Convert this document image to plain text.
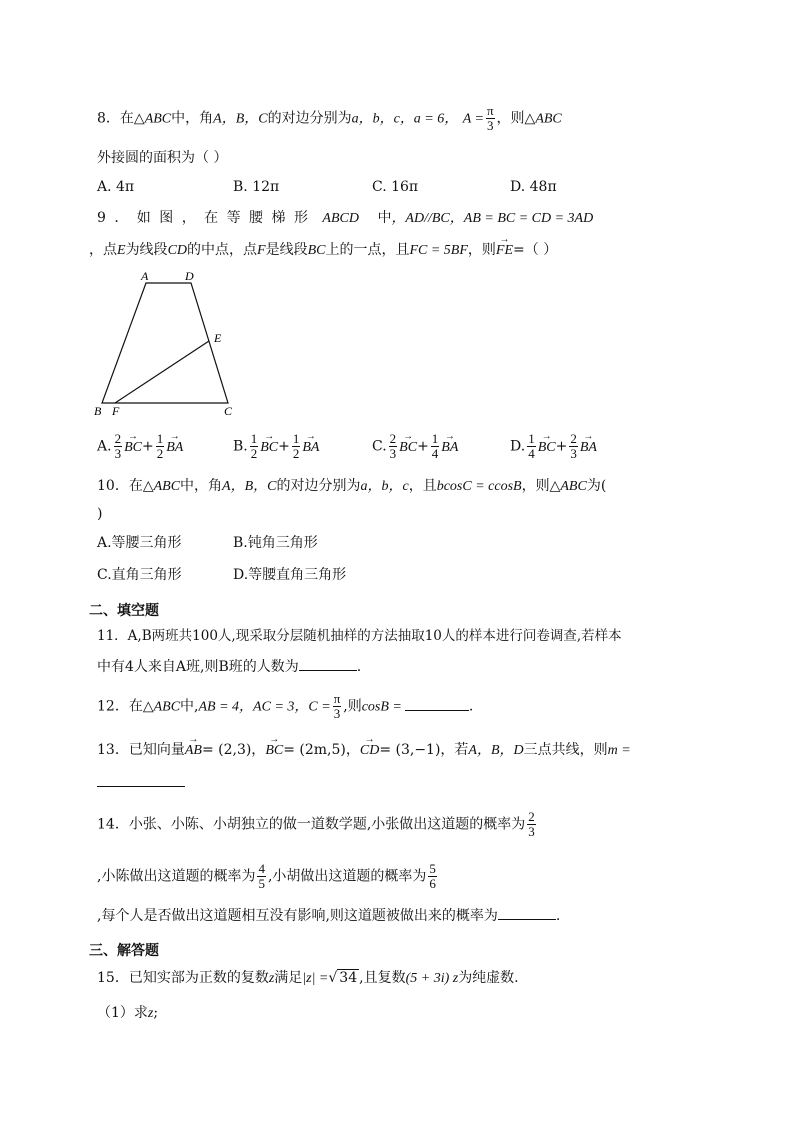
8．在△ABC中，角A，B，C的对边分别为a，b，c，a = 6， $A = \frac{\pi}{3}$ ，则△ABC
外接圆的面积为（ ）
A. 4π	B. 12π	C. 16π	D. 48π
9 ． 如 图 ， 在 等 腰 梯 形 ABCD 中，AD//BC，AB = BC = CD = 3AD
，点E为线段CD的中点，点F是线段BC上的一点，且FC = 5BF，则→ FE=（ ）
A	D
E
B F	C
A. $\frac{2}{3}$
→ $BC+ \frac{1}{2}$
→ BA	B. $\frac{1}{2}$
→ $BC+ \frac{1}{2}$
→ BA	C. $\frac{2}{3}$
→ $BC+ \frac{1}{4}$
→ BA	D. $\frac{1}{4}$
→ $BC+ \frac{2}{3}$
→ BA
10．在△ABC中，角A，B，C的对边分别为a，b，c，且bcosC = ccosB，则△ABC为(
)
A.等腰三角形	B.钝角三角形
C.直角三角形	D.等腰直角三角形
二、填空题
11．A,B两班共100人,现采取分层随机抽样的方法抽取10人的样本进行问卷调查,若样本
中有4人来自A班,则B班的人数为	.
12．在△ABC中,AB = 4，AC = 3，$C = \frac{\pi}{3}$ ,则cosB =	.
13．已知向量→ AB= (2,3)，→ BC= (2m,5)，→ CD= (3,−1)，若A，B，D三点共线，则m =
14．小张、小陈、小胡独立的做一道数学题,小张做出这道题的概率为 $\frac{2}{3}$
,小陈做出这道题的概率为 $\frac{4}{5}$ ,小胡做出这道题的概率为 $\frac{5}{6}$
,每个人是否做出这道题相互没有影响,则这道题被做出来的概率为	.
三、解答题
15．已知实部为正数的复数z满足|z| =√ 34 ,且复数(5 + 3i) z为纯虚数.
（1）求z;
